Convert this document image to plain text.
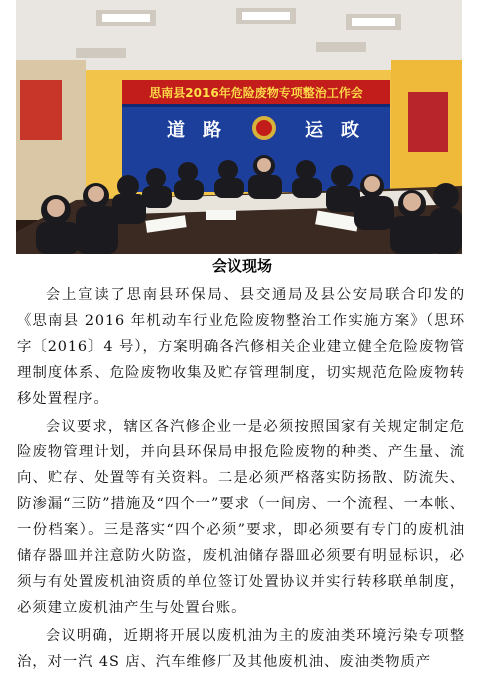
思南县2016年危险废物专项整治工作会
道　路	运　政
会议现场

会上宣读了思南县环保局、县交通局及县公安局联合印发的《思南县 2016 年机动车行业危险废物整治工作实施方案》（思环字〔2016〕4 号），方案明确各汽修相关企业建立健全危险废物管理制度体系、危险废物收集及贮存管理制度，切实规范危险废物转移处置程序。

会议要求，辖区各汽修企业一是必须按照国家有关规定制定危险废物管理计划，并向县环保局申报危险废物的种类、产生量、流向、贮存、处置等有关资料。二是必须严格落实防扬散、防流失、防渗漏“三防”措施及“四个一”要求（一间房、一个流程、一本帐、一份档案）。三是落实“四个必须”要求，即必须要有专门的废机油储存器皿并注意防火防盗，废机油储存器皿必须要有明显标识，必须与有处置废机油资质的单位签订处置协议并实行转移联单制度，必须建立废机油产生与处置台账。

会议明确，近期将开展以废机油为主的废油类环境污染专项整治，对一汽 4S 店、汽车维修厂及其他废机油、废油类物质产
